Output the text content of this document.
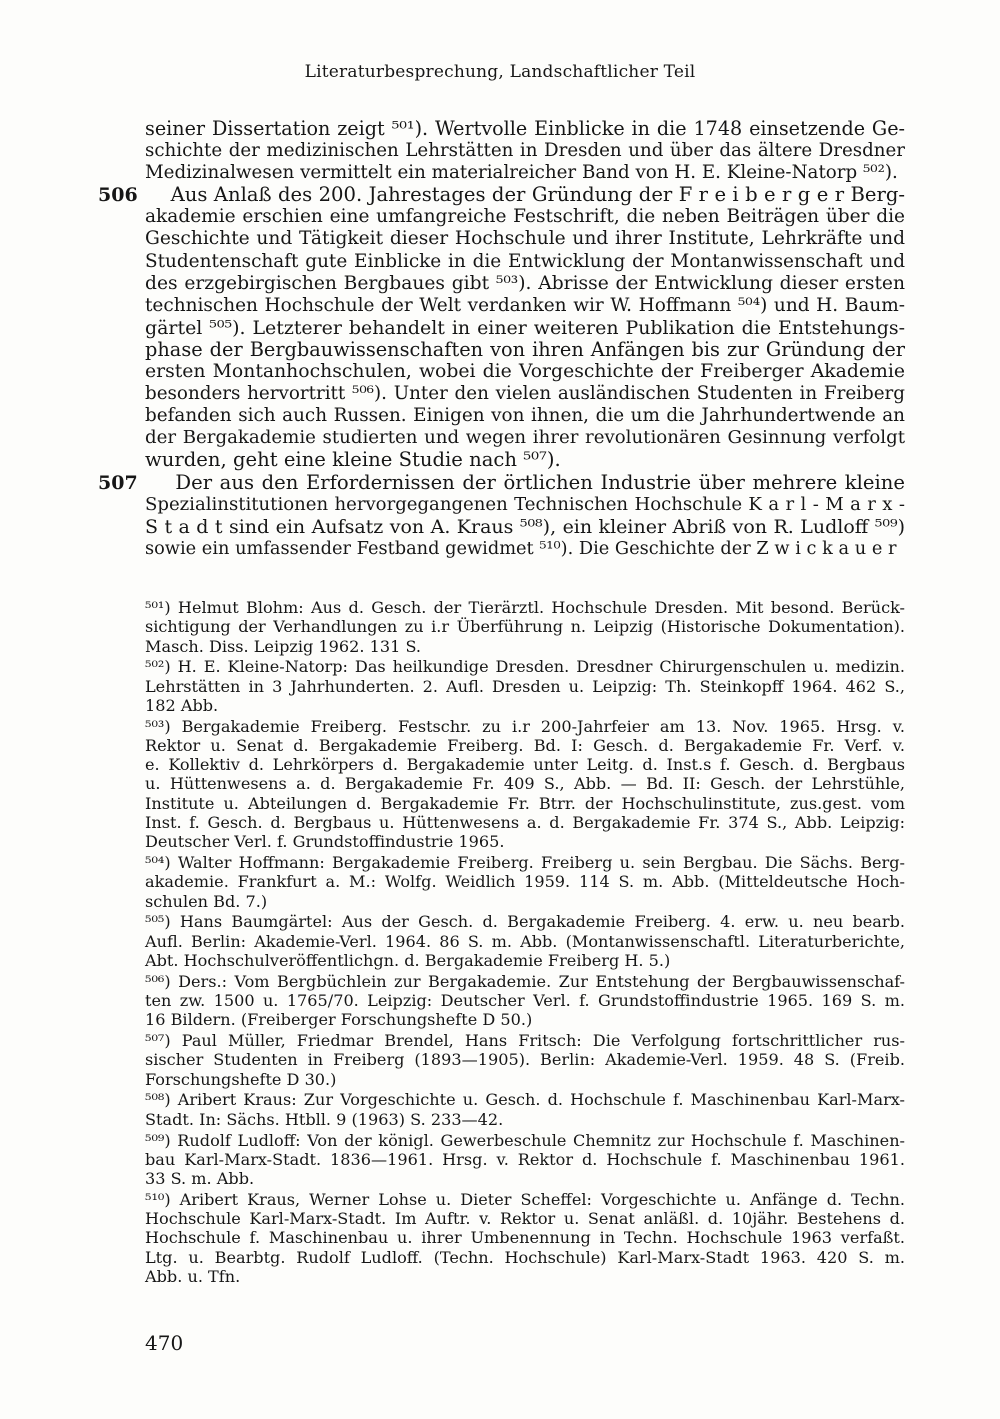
Literaturbesprechung, Landschaftlicher Teil
seiner Dissertation zeigt ⁵⁰¹). Wertvolle Einblicke in die 1748 einsetzende Ge-
schichte der medizinischen Lehrstätten in Dresden und über das ältere Dresdner
Medizinalwesen vermittelt ein materialreicher Band von H. E. Kleine-Natorp ⁵⁰²).
506 Aus Anlaß des 200. Jahrestages der Gründung der F r e i b e r g e r Berg-
akademie erschien eine umfangreiche Festschrift, die neben Beiträgen über die
Geschichte und Tätigkeit dieser Hochschule und ihrer Institute, Lehrkräfte und
Studentenschaft gute Einblicke in die Entwicklung der Montanwissenschaft und
des erzgebirgischen Bergbaues gibt ⁵⁰³). Abrisse der Entwicklung dieser ersten
technischen Hochschule der Welt verdanken wir W. Hoffmann ⁵⁰⁴) und H. Baum-
gärtel ⁵⁰⁵). Letzterer behandelt in einer weiteren Publikation die Entstehungs-
phase der Bergbauwissenschaften von ihren Anfängen bis zur Gründung der
ersten Montanhochschulen, wobei die Vorgeschichte der Freiberger Akademie
besonders hervortritt ⁵⁰⁶). Unter den vielen ausländischen Studenten in Freiberg
befanden sich auch Russen. Einigen von ihnen, die um die Jahrhundertwende an
der Bergakademie studierten und wegen ihrer revolutionären Gesinnung verfolgt
wurden, geht eine kleine Studie nach ⁵⁰⁷).
507 Der aus den Erfordernissen der örtlichen Industrie über mehrere kleine
Spezialinstitutionen hervorgegangenen Technischen Hochschule K a r l - M a r x -
S t a d t sind ein Aufsatz von A. Kraus ⁵⁰⁸), ein kleiner Abriß von R. Ludloff ⁵⁰⁹)
sowie ein umfassender Festband gewidmet ⁵¹⁰). Die Geschichte der Z w i c k a u e r
⁵⁰¹) Helmut Blohm: Aus d. Gesch. der Tierärztl. Hochschule Dresden. Mit besond. Berück-
sichtigung der Verhandlungen zu i.r Überführung n. Leipzig (Historische Dokumentation).
Masch. Diss. Leipzig 1962. 131 S.
⁵⁰²) H. E. Kleine-Natorp: Das heilkundige Dresden. Dresdner Chirurgenschulen u. medizin.
Lehrstätten in 3 Jahrhunderten. 2. Aufl. Dresden u. Leipzig: Th. Steinkopff 1964. 462 S.,
182 Abb.
⁵⁰³) Bergakademie Freiberg. Festschr. zu i.r 200-Jahrfeier am 13. Nov. 1965. Hrsg. v.
Rektor u. Senat d. Bergakademie Freiberg. Bd. I: Gesch. d. Bergakademie Fr. Verf. v.
e. Kollektiv d. Lehrkörpers d. Bergakademie unter Leitg. d. Inst.s f. Gesch. d. Bergbaus
u. Hüttenwesens a. d. Bergakademie Fr. 409 S., Abb. — Bd. II: Gesch. der Lehrstühle,
Institute u. Abteilungen d. Bergakademie Fr. Btrr. der Hochschulinstitute, zus.gest. vom
Inst. f. Gesch. d. Bergbaus u. Hüttenwesens a. d. Bergakademie Fr. 374 S., Abb. Leipzig:
Deutscher Verl. f. Grundstoffindustrie 1965.
⁵⁰⁴) Walter Hoffmann: Bergakademie Freiberg. Freiberg u. sein Bergbau. Die Sächs. Berg-
akademie. Frankfurt a. M.: Wolfg. Weidlich 1959. 114 S. m. Abb. (Mitteldeutsche Hoch-
schulen Bd. 7.)
⁵⁰⁵) Hans Baumgärtel: Aus der Gesch. d. Bergakademie Freiberg. 4. erw. u. neu bearb.
Aufl. Berlin: Akademie-Verl. 1964. 86 S. m. Abb. (Montanwissenschaftl. Literaturberichte,
Abt. Hochschulveröffentlichgn. d. Bergakademie Freiberg H. 5.)
⁵⁰⁶) Ders.: Vom Bergbüchlein zur Bergakademie. Zur Entstehung der Bergbauwissenschaf-
ten zw. 1500 u. 1765/70. Leipzig: Deutscher Verl. f. Grundstoffindustrie 1965. 169 S. m.
16 Bildern. (Freiberger Forschungshefte D 50.)
⁵⁰⁷) Paul Müller, Friedmar Brendel, Hans Fritsch: Die Verfolgung fortschrittlicher rus-
sischer Studenten in Freiberg (1893—1905). Berlin: Akademie-Verl. 1959. 48 S. (Freib.
Forschungshefte D 30.)
⁵⁰⁸) Aribert Kraus: Zur Vorgeschichte u. Gesch. d. Hochschule f. Maschinenbau Karl-Marx-
Stadt. In: Sächs. Htbll. 9 (1963) S. 233—42.
⁵⁰⁹) Rudolf Ludloff: Von der königl. Gewerbeschule Chemnitz zur Hochschule f. Maschinen-
bau Karl-Marx-Stadt. 1836—1961. Hrsg. v. Rektor d. Hochschule f. Maschinenbau 1961.
33 S. m. Abb.
⁵¹⁰) Aribert Kraus, Werner Lohse u. Dieter Scheffel: Vorgeschichte u. Anfänge d. Techn.
Hochschule Karl-Marx-Stadt. Im Auftr. v. Rektor u. Senat anläßl. d. 10jähr. Bestehens d.
Hochschule f. Maschinenbau u. ihrer Umbenennung in Techn. Hochschule 1963 verfaßt.
Ltg. u. Bearbtg. Rudolf Ludloff. (Techn. Hochschule) Karl-Marx-Stadt 1963. 420 S. m.
Abb. u. Tfn.
470
